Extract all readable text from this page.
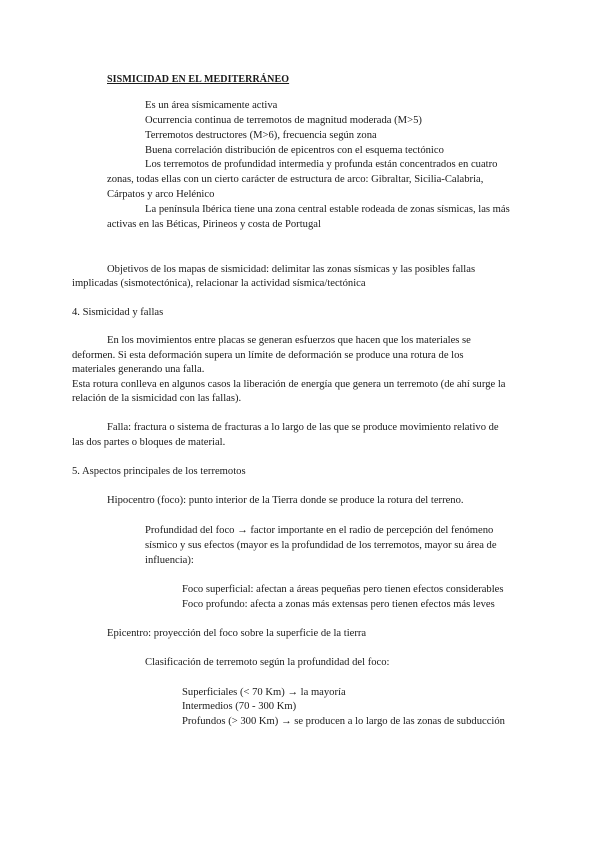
SISMICIDAD EN EL MEDITERRÁNEO
Es un área sísmicamente activa
Ocurrencia continua de terremotos de magnitud moderada (M>5)
Terremotos destructores (M>6), frecuencia según zona
Buena correlación distribución de epicentros con el esquema tectónico
Los terremotos de profundidad intermedia y profunda están concentrados en cuatro
zonas, todas ellas con un cierto carácter de estructura de arco: Gibraltar, Sicilia-Calabria,
Cárpatos y arco Helénico
La península Ibérica tiene una zona central estable rodeada de zonas sísmicas, las más
activas en las Béticas, Pirineos y costa de Portugal
Objetivos de los mapas de sismicidad: delimitar las zonas sísmicas y las posibles fallas
implicadas (sismotectónica), relacionar la actividad sísmica/tectónica
4. Sismicidad y fallas
En los movimientos entre placas se generan esfuerzos que hacen que los materiales se
deformen. Si esta deformación supera un límite de deformación se produce una rotura de los
materiales generando una falla.
Esta rotura conlleva en algunos casos la liberación de energía que genera un terremoto (de ahí surge la
relación de la sismicidad con las fallas).
Falla: fractura o sistema de fracturas a lo largo de las que se produce movimiento relativo de
las dos partes o bloques de material.
5. Aspectos principales de los terremotos
Hipocentro (foco): punto interior de la Tierra donde se produce la rotura del terreno.
Profundidad del foco → factor importante en el radio de percepción del fenómeno
sísmico y sus efectos (mayor es la profundidad de los terremotos, mayor su área de
influencia):
Foco superficial: afectan a áreas pequeñas pero tienen efectos considerables
Foco profundo: afecta a zonas más extensas pero tienen efectos más leves
Epicentro: proyección del foco sobre la superficie de la tierra
Clasificación de terremoto según la profundidad del foco:
Superficiales (< 70 Km) → la mayoría
Intermedios (70 - 300 Km)
Profundos (> 300 Km) → se producen a lo largo de las zonas de subducción
